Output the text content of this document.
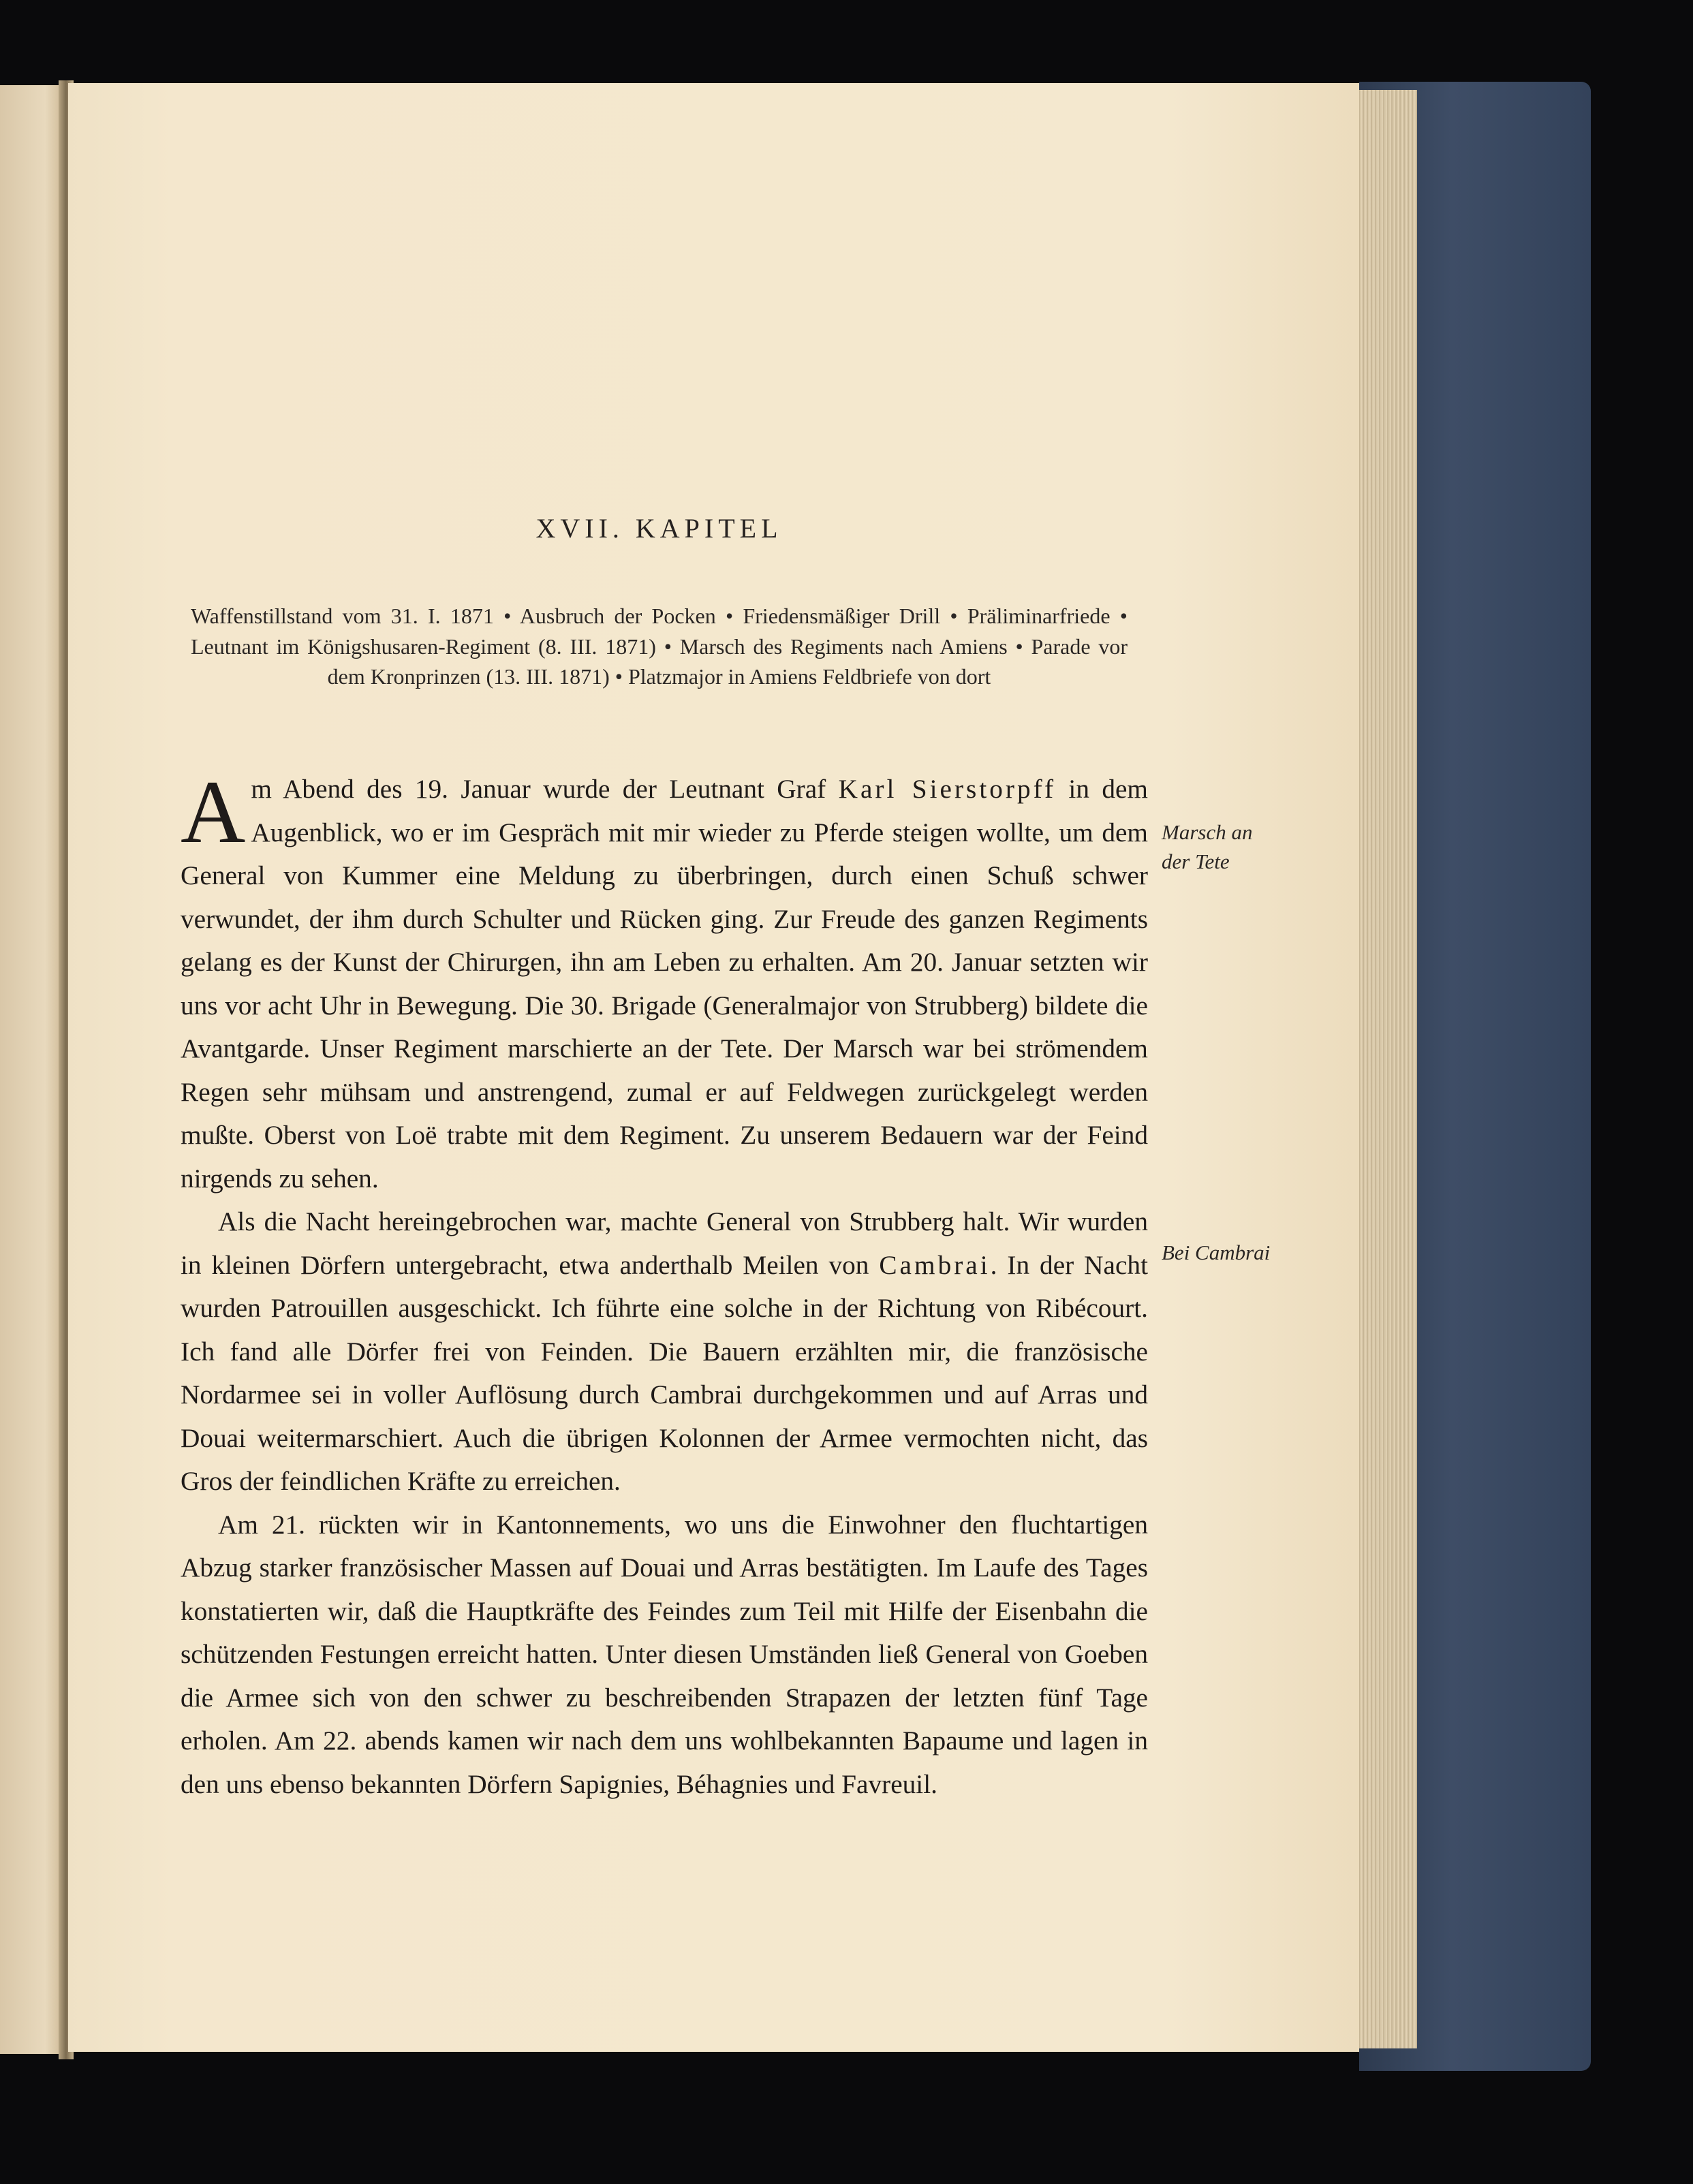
XVII. KAPITEL
Waffenstillstand vom 31. I. 1871 • Ausbruch der Pocken • Friedensmäßiger Drill • Präliminarfriede • Leutnant im Königshusaren-Regiment (8. III. 1871) • Marsch des Regiments nach Amiens • Parade vor dem Kronprinzen (13. III. 1871) • Platzmajor in Amiens Feldbriefe von dort

Am Abend des 19. Januar wurde der Leutnant Graf Karl Sierstorpff in dem Augenblick, wo er im Gespräch mit mir wieder zu Pferde steigen wollte, um dem General von Kummer eine Meldung zu überbringen, durch einen Schuß schwer verwundet, der ihm durch Schulter und Rücken ging. Zur Freude des ganzen Regiments gelang es der Kunst der Chirurgen, ihn am Leben zu erhalten. Am 20. Januar setzten wir uns vor acht Uhr in Bewegung. Die 30. Brigade (Generalmajor von Strubberg) bildete die Avantgarde. Unser Regiment marschierte an der Tete. Der Marsch war bei strömendem Regen sehr mühsam und anstrengend, zumal er auf Feldwegen zurückgelegt werden mußte. Oberst von Loë trabte mit dem Regiment. Zu unserem Bedauern war der Feind nirgends zu sehen.

Als die Nacht hereingebrochen war, machte General von Strubberg halt. Wir wurden in kleinen Dörfern untergebracht, etwa anderthalb Meilen von Cambrai. In der Nacht wurden Patrouillen ausgeschickt. Ich führte eine solche in der Richtung von Ribécourt. Ich fand alle Dörfer frei von Feinden. Die Bauern erzählten mir, die französische Nordarmee sei in voller Auflösung durch Cambrai durchgekommen und auf Arras und Douai weitermarschiert. Auch die übrigen Kolonnen der Armee vermochten nicht, das Gros der feindlichen Kräfte zu erreichen.

Am 21. rückten wir in Kantonnements, wo uns die Einwohner den fluchtartigen Abzug starker französischer Massen auf Douai und Arras bestätigten. Im Laufe des Tages konstatierten wir, daß die Hauptkräfte des Feindes zum Teil mit Hilfe der Eisenbahn die schützenden Festungen erreicht hatten. Unter diesen Umständen ließ General von Goeben die Armee sich von den schwer zu beschreibenden Strapazen der letzten fünf Tage erholen. Am 22. abends kamen wir nach dem uns wohlbekannten Bapaume und lagen in den uns ebenso bekannten Dörfern Sapignies, Béhagnies und Favreuil.

Marsch an
der Tete
Bei Cambrai
